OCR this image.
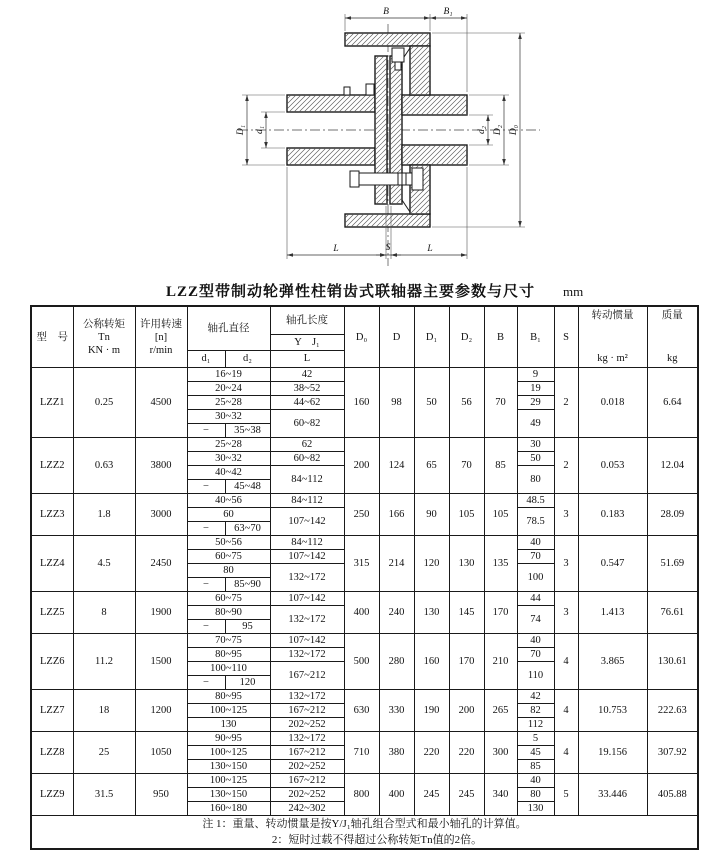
B	B₁
L	S	L
d₁
D₁	d₂ D₂ D₀
LZZ型带制动轮弹性柱销齿式联轴器主要参数与尺寸 mm
型　号	
公称转矩
Tn
KN · m

许用转速
[n]
r/min
	轴孔直径	轴孔长度	D₀	D	D₁	D₂	B	B₁	S	
转动惯量
kg · m²

质量
kg

					Y　J₁									
			d₁	d₂	L									
LZZ1	0.25	4500	16~19		42	160	98	50	56	70	9	2	0.018	6.64
			20~24		38~52						19			
			25~28		44~62						29			
			30~32		60~82						49			
			−	35~38										
LZZ2	0.63	3800	25~28		62	200	124	65	70	85	30	2	0.053	12.04
			30~32		60~82						50			
			40~42		84~112						80			
			−	45~48										
LZZ3	1.8	3000	40~56		84~112	250	166	90	105	105	48.5	3	0.183	28.09
			60		107~142						78.5			
			−	63~70										
LZZ4	4.5	2450	50~56		84~112	315	214	120	130	135	40	3	0.547	51.69
			60~75		107~142						70			
			80		132~172						100			
			−	85~90										
LZZ5	8	1900	60~75		107~142	400	240	130	145	170	44	3	1.413	76.61
			80~90		132~172						74			
			−	95										
LZZ6	11.2	1500	70~75		107~142	500	280	160	170	210	40	4	3.865	130.61
			80~95		132~172						70			
			100~110		167~212						110			
			−	120										
LZZ7	18	1200	80~95		132~172	630	330	190	200	265	42	4	10.753	222.63
			100~125		167~212						82			
			130		202~252						112			
LZZ8	25	1050	90~95		132~172	710	380	220	220	300	5	4	19.156	307.92
			100~125		167~212						45			
			130~150		202~252						85			
LZZ9	31.5	950	100~125		167~212	800	400	245	245	340	40	5	33.446	405.88
			130~150		202~252						80			
			160~180		242~302						130			

注 1：重量、转动惯量是按Y/J₁轴孔组合型式和最小轴孔的计算值。
2：短时过载不得超过公称转矩Tn值的2倍。														
